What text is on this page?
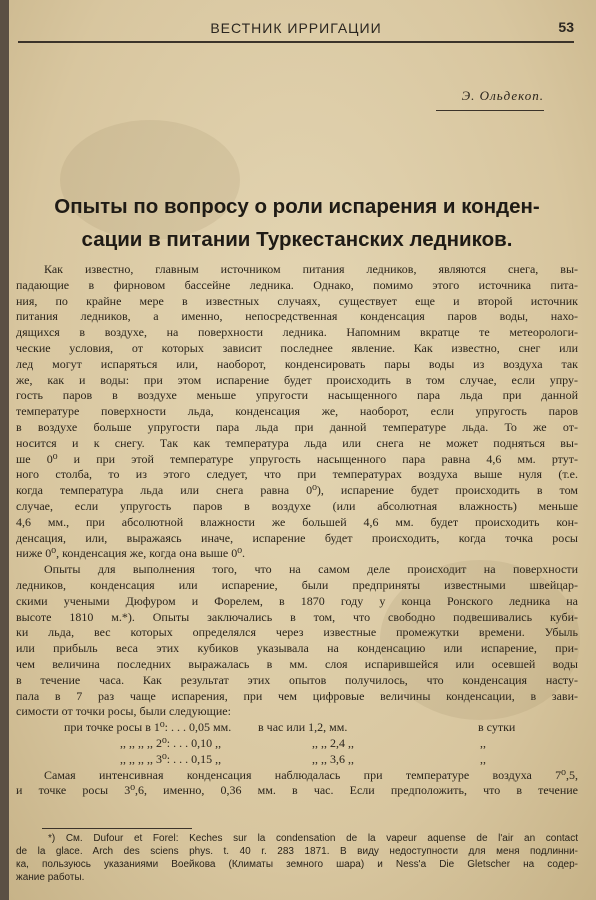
ВЕСТНИК ИРРИГАЦИИ	53
Э. Ольдекоп.
Опыты по вопросу о роли испарения и конден-
сации в питании Туркестанских ледников.
Как известно, главным источником питания ледников, являются снега, вы-
падающие в фирновом бассейне ледника. Однако, помимо этого источника пита-
ния, по крайне мере в известных случаях, существует еще и второй источник
питания ледников, а именно, непосредственная конденсация паров воды, нахо-
дящихся в воздухе, на поверхности ледника. Напомним вкратце те метеорологи-
ческие условия, от которых зависит последнее явление. Как известно, снег или
лед могут испаряться или, наоборот, конденсировать пары воды из воздуха так
же, как и воды: при этом испарение будет происходить в том случае, если упру-
гость паров в воздухе меньше упругости насыщенного пара льда при данной
температуре поверхности льда, конденсация же, наоборот, если упругость паров
в воздухе больше упругости пара льда при данной температуре льда. То же от-
носится и к снегу. Так как температура льда или снега не может подняться вы-
ше 0⁰ и при этой температуре упругость насыщенного пара равна 4,6 мм. ртут-
ного столба, то из этого следует, что при температурах воздуха выше нуля (т.е.
когда температура льда или снега равна 0⁰), испарение будет происходить в том
случае, если упругость паров в воздухе (или абсолютная влажность) меньше
4,6 мм., при абсолютной влажности же большей 4,6 мм. будет происходить кон-
денсация, или, выражаясь иначе, испарение будет происходить, когда точка росы
ниже 0⁰, конденсация же, когда она выше 0⁰.
Опыты для выполнения того, что на самом деле происходит на поверхности
ледников, конденсация или испарение, были предприняты известными швейцар-
скими учеными Дюфуром и Форелем, в 1870 году у конца Ронского ледника на
высоте 1810 м.*). Опыты заключались в том, что свободно подвешивались куби-
ки льда, вес которых определялся через известные промежутки времени. Убыль
или прибыль веса этих кубиков указывала на конденсацию или испарение, при-
чем величина последних выражалась в мм. слоя испарившейся или осевшей воды
в течение часа. Как результат этих опытов получилось, что конденсация насту-
пала в 7 раз чаще испарения, при чем цифровые величины конденсации, в зави-
симости от точки росы, были следующие:
при точке росы в 1⁰: . . . 0,05 мм. в час или 1,2, мм.	в сутки
,, ,, ,, ,, 2⁰: . . . 0,10 ,,	,, ,, 2,4 ,,	,,
,, ,, ,, ,, 3⁰: . . . 0,15 ,,	,, ,, 3,6 ,,	,,
Самая интенсивная конденсация наблюдалась при температуре воздуха 7⁰,5,
и точке росы 3⁰,6, именно, 0,36 мм. в час. Если предположить, что в течение
*) См. Dufour et Forel: Keches sur la condensation de la vapeur aquense de l'air an contact
de la glace. Arch des sciens phys. t. 40 r. 283 1871. В виду недоступности для меня подлинни-
ка, пользуюсь указаниями Воейкова (Климаты земного шара) и Ness'a Die Gletscher на содер-
жание работы.
